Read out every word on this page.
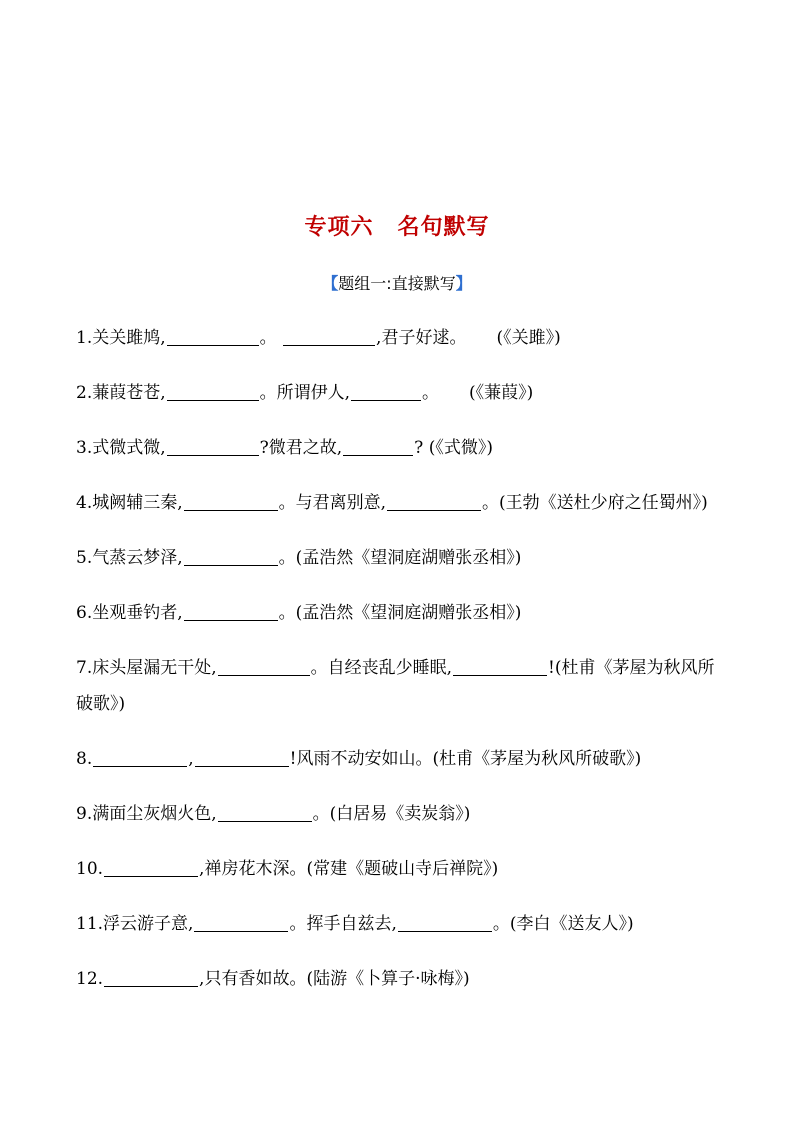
专项六 名句默写
【题组一:直接默写】
1.关关雎鸠,	。	,君子好逑。 (《关雎》)
2.蒹葭苍苍,	。所谓伊人,	。 (《蒹葭》)
3.式微式微,	?微君之故,	? (《式微》)
4.城阙辅三秦,	。与君离别意,	。(王勃《送杜少府之任蜀州》)
5.气蒸云梦泽,	。(孟浩然《望洞庭湖赠张丞相》)
6.坐观垂钓者,	。(孟浩然《望洞庭湖赠张丞相》)
7.床头屋漏无干处,	。自经丧乱少睡眠,	!(杜甫《茅屋为秋风所破歌》)
8.	,	!风雨不动安如山。(杜甫《茅屋为秋风所破歌》)
9.满面尘灰烟火色,	。(白居易《卖炭翁》)
10.	,禅房花木深。(常建《题破山寺后禅院》)
11.浮云游子意,	。挥手自兹去,	。(李白《送友人》)
12.	,只有香如故。(陆游《卜算子·咏梅》)
